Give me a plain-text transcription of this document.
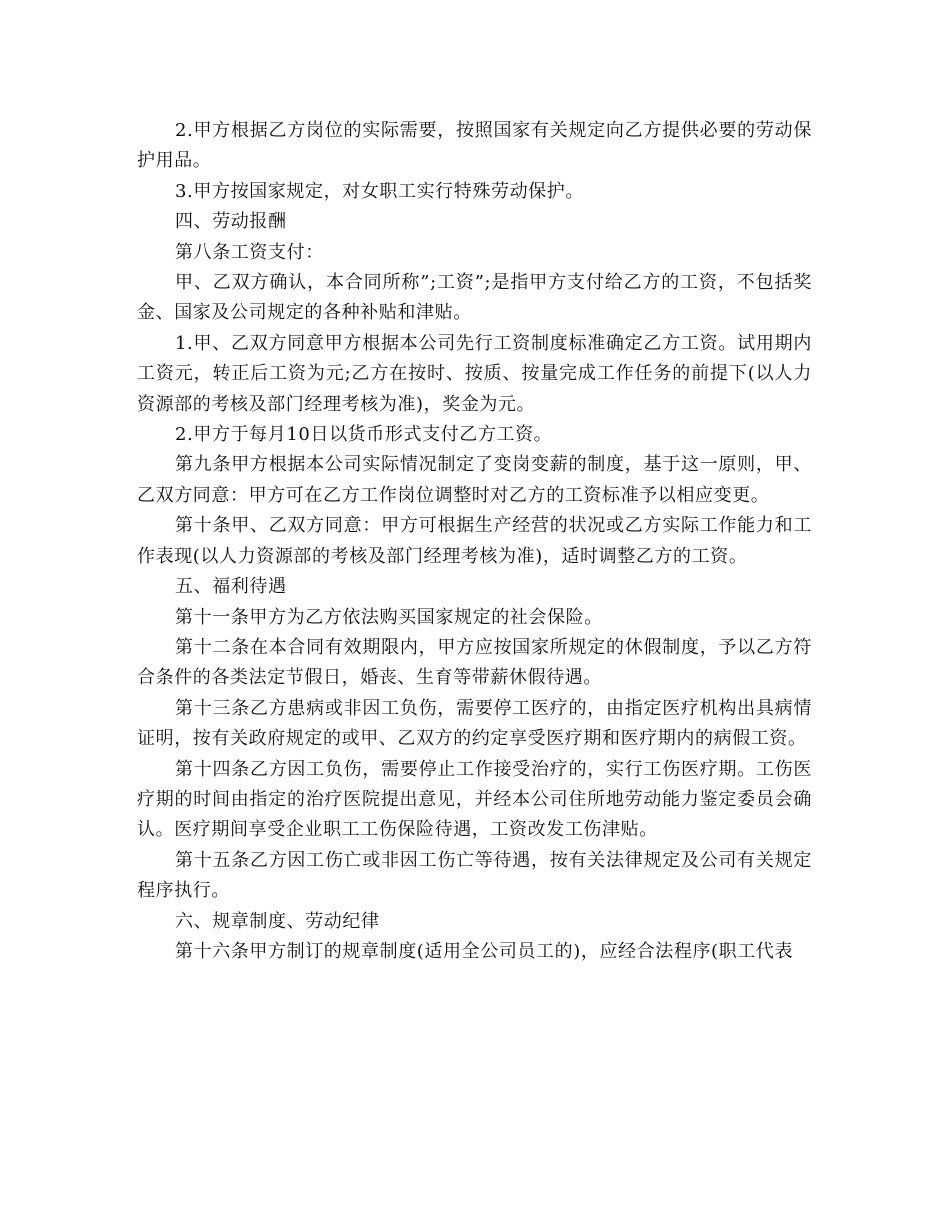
2.甲方根据乙方岗位的实际需要，按照国家有关规定向乙方提供必要的劳动保护用品。

3.甲方按国家规定，对女职工实行特殊劳动保护。

四、劳动报酬

第八条工资支付：

甲、乙双方确认，本合同所称”;工资”;是指甲方支付给乙方的工资，不包括奖金、国家及公司规定的各种补贴和津贴。

1.甲、乙双方同意甲方根据本公司先行工资制度标准确定乙方工资。试用期内工资元，转正后工资为元;乙方在按时、按质、按量完成工作任务的前提下(以人力资源部的考核及部门经理考核为准)，奖金为元。

2.甲方于每月10日以货币形式支付乙方工资。

第九条甲方根据本公司实际情况制定了变岗变薪的制度，基于这一原则，甲、乙双方同意：甲方可在乙方工作岗位调整时对乙方的工资标准予以相应变更。

第十条甲、乙双方同意：甲方可根据生产经营的状况或乙方实际工作能力和工作表现(以人力资源部的考核及部门经理考核为准)，适时调整乙方的工资。

五、福利待遇

第十一条甲方为乙方依法购买国家规定的社会保险。

第十二条在本合同有效期限内，甲方应按国家所规定的休假制度，予以乙方符合条件的各类法定节假日，婚丧、生育等带薪休假待遇。

第十三条乙方患病或非因工负伤，需要停工医疗的，由指定医疗机构出具病情证明，按有关政府规定的或甲、乙双方的约定享受医疗期和医疗期内的病假工资。

第十四条乙方因工负伤，需要停止工作接受治疗的，实行工伤医疗期。工伤医疗期的时间由指定的治疗医院提出意见，并经本公司住所地劳动能力鉴定委员会确认。医疗期间享受企业职工工伤保险待遇，工资改发工伤津贴。

第十五条乙方因工伤亡或非因工伤亡等待遇，按有关法律规定及公司有关规定程序执行。

六、规章制度、劳动纪律

第十六条甲方制订的规章制度(适用全公司员工的)，应经合法程序(职工代表
